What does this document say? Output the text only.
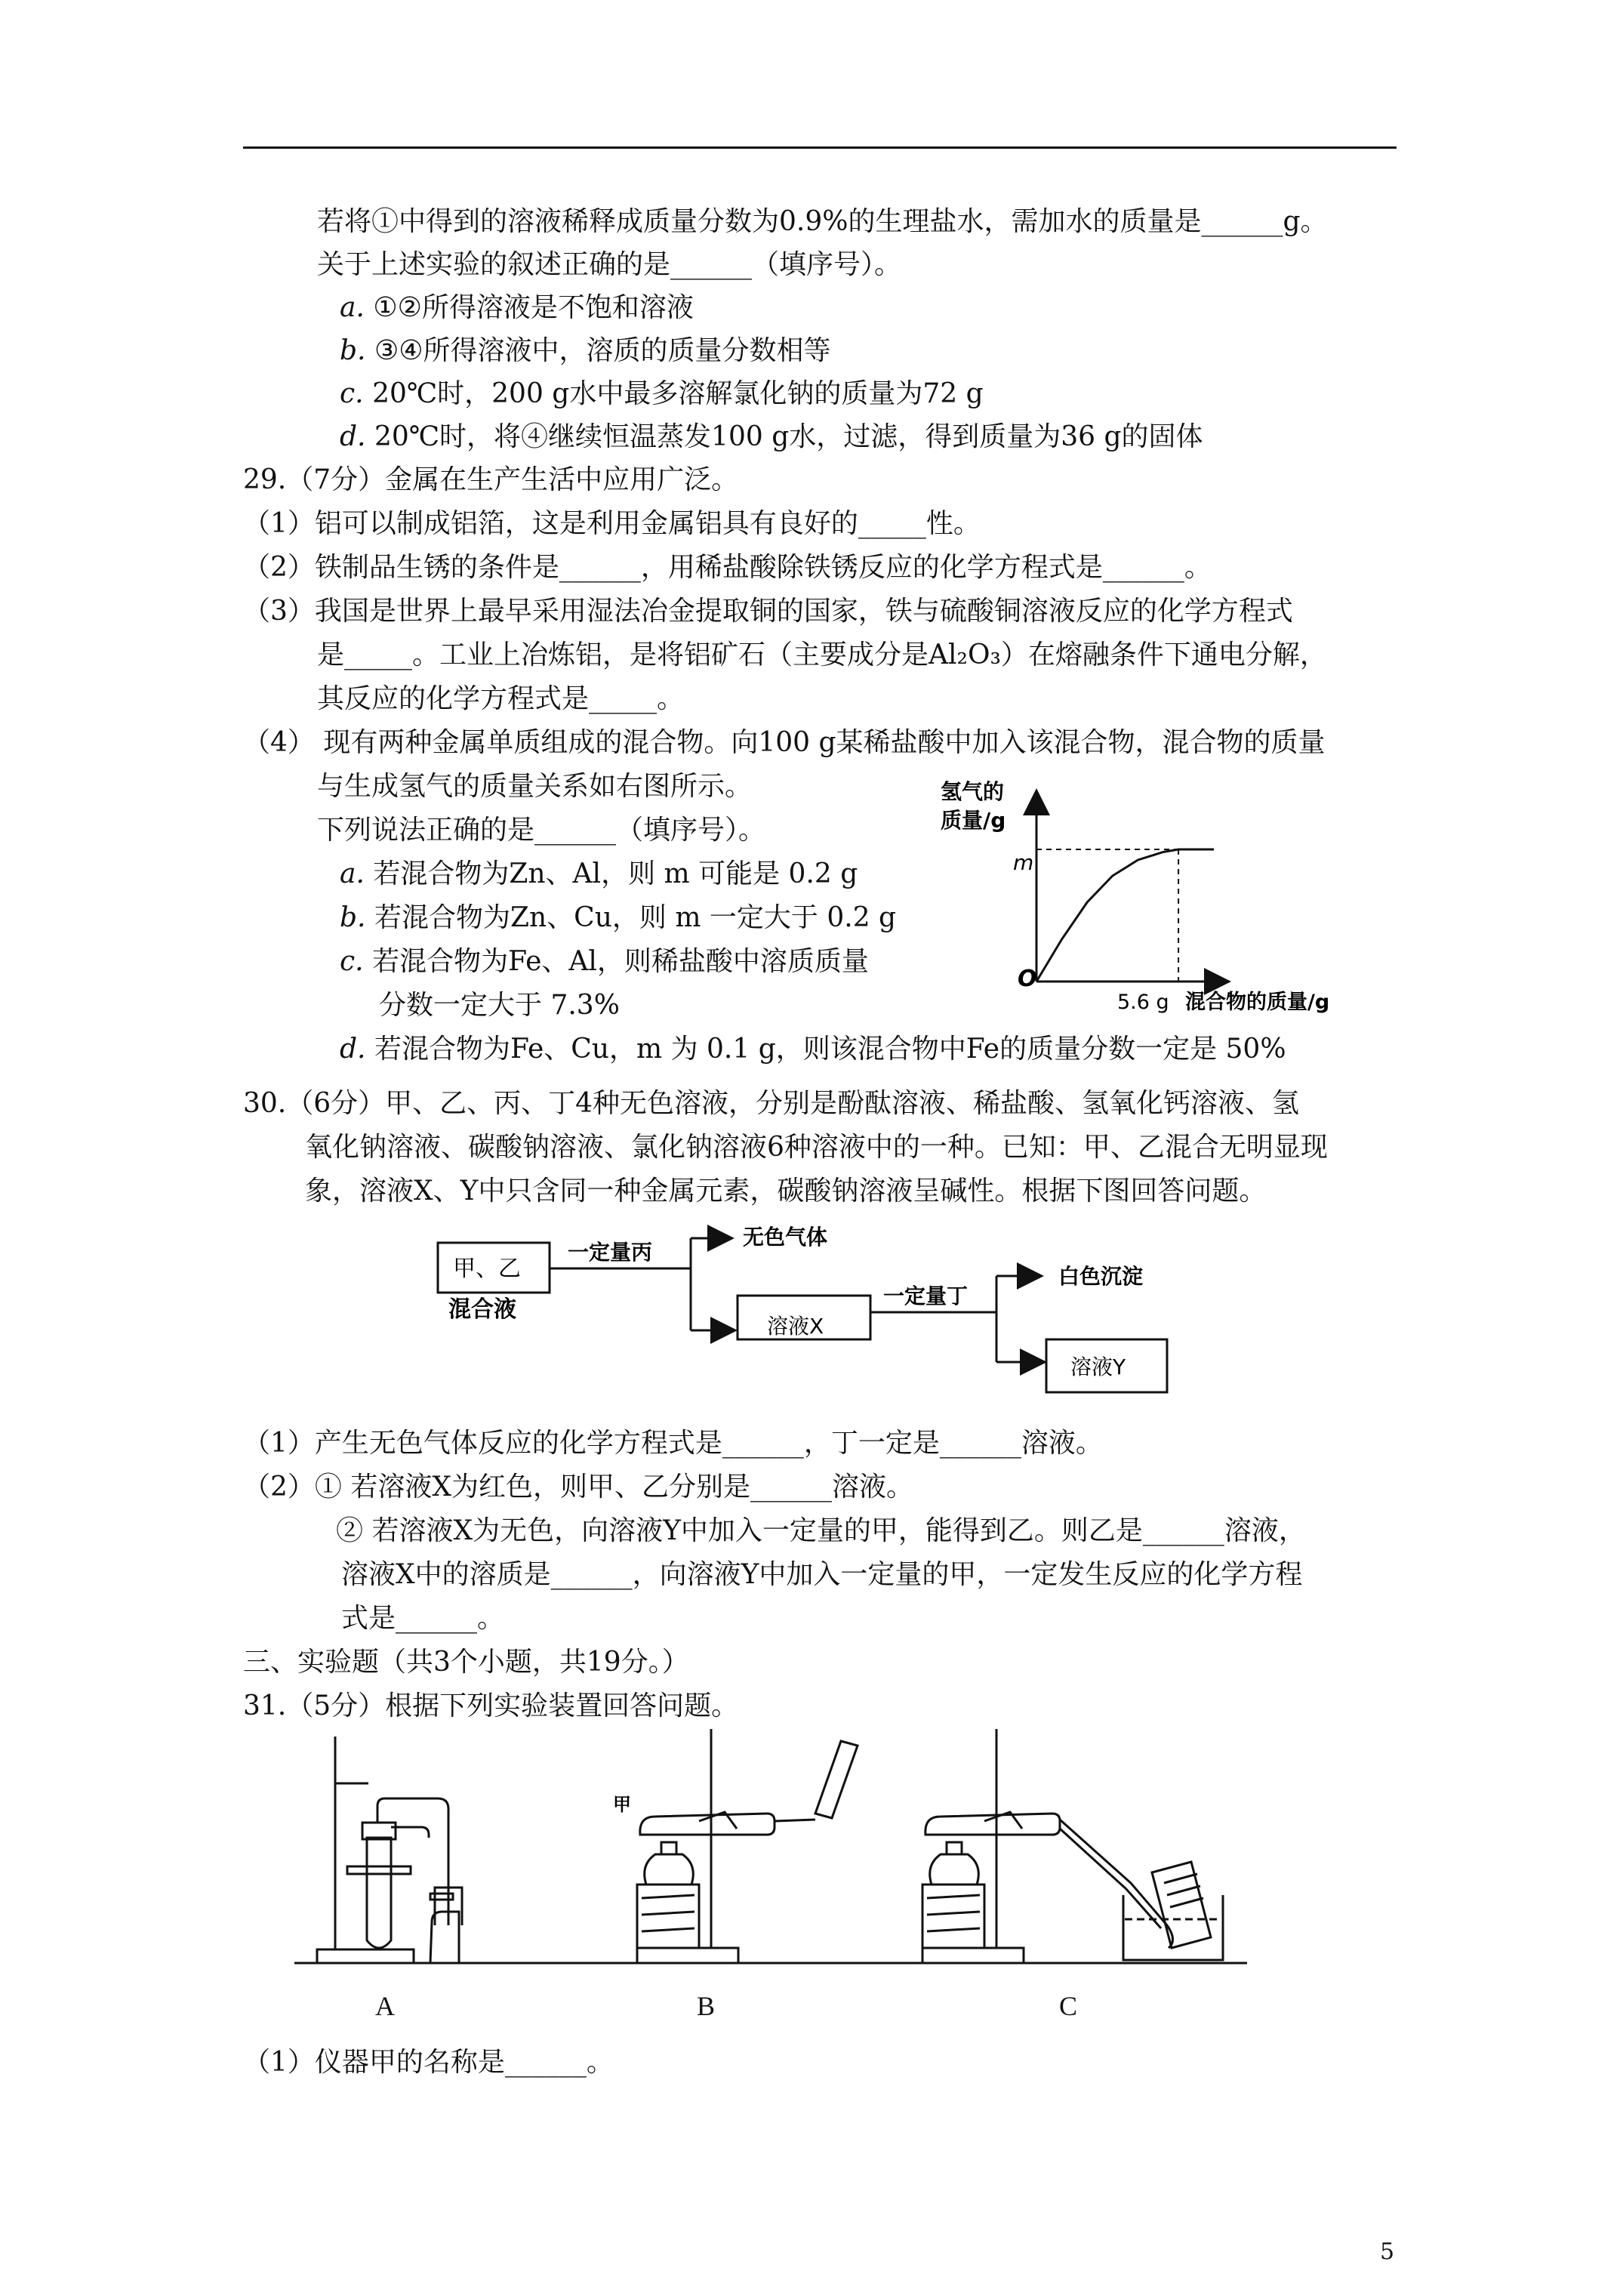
若将①中得到的溶液稀释成质量分数为0.9%的生理盐水，需加水的质量是______g。
关于上述实验的叙述正确的是______（填序号）。
a. ①②所得溶液是不饱和溶液
b. ③④所得溶液中，溶质的质量分数相等
c. 20℃时，200 g水中最多溶解氯化钠的质量为72 g
d. 20℃时，将④继续恒温蒸发100 g水，过滤，得到质量为36 g的固体
29.（7分）金属在生产生活中应用广泛。
（1）铝可以制成铝箔，这是利用金属铝具有良好的_____性。
（2）铁制品生锈的条件是______，用稀盐酸除铁锈反应的化学方程式是______。
（3）我国是世界上最早采用湿法冶金提取铜的国家，铁与硫酸铜溶液反应的化学方程式
是_____。工业上冶炼铝，是将铝矿石（主要成分是Al₂O₃）在熔融条件下通电分解，
其反应的化学方程式是_____。
（4） 现有两种金属单质组成的混合物。向100 g某稀盐酸中加入该混合物，混合物的质量
与生成氢气的质量关系如右图所示。
下列说法正确的是______（填序号）。
a. 若混合物为Zn、Al，则 m 可能是 0.2 g
b. 若混合物为Zn、Cu，则 m 一定大于 0.2 g
c. 若混合物为Fe、Al，则稀盐酸中溶质质量
分数一定大于 7.3%
d. 若混合物为Fe、Cu，m 为 0.1 g，则该混合物中Fe的质量分数一定是 50%
氢气的
质量/g
O
m
5.6 g 混合物的质量/g
30.（6分）甲、乙、丙、丁4种无色溶液，分别是酚酞溶液、稀盐酸、氢氧化钙溶液、氢
氧化钠溶液、碳酸钠溶液、氯化钠溶液6种溶液中的一种。已知：甲、乙混合无明显现
象，溶液X、Y中只含同一种金属元素，碳酸钠溶液呈碱性。根据下图回答问题。
甲、乙
混合液
一定量丙
无色气体
溶液X
一定量丁
白色沉淀
溶液Y
（1）产生无色气体反应的化学方程式是______，丁一定是______溶液。
（2）① 若溶液X为红色，则甲、乙分别是______溶液。
② 若溶液X为无色，向溶液Y中加入一定量的甲，能得到乙。则乙是______溶液，
溶液X中的溶质是______，向溶液Y中加入一定量的甲，一定发生反应的化学方程
式是______。
三、实验题（共3个小题，共19分。）
31.（5分）根据下列实验装置回答问题。
甲
A	B	C
（1）仪器甲的名称是______。
5
